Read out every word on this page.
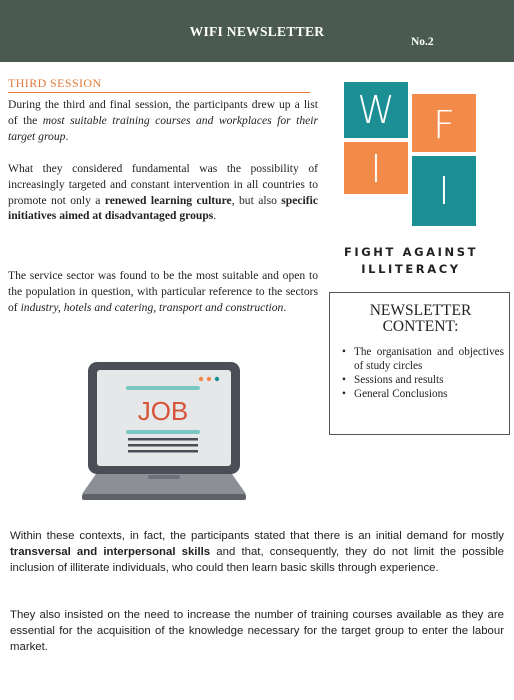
WIFI NEWSLETTER
No.2
THIRD SESSION

During the third and final session, the participants drew up a list of the most suitable training courses and workplaces for their target group.

What they considered fundamental was the possibility of increasingly targeted and constant intervention in all countries to promote not only a renewed learning culture, but also specific initiatives aimed at disadvantaged groups.

The service sector was found to be the most suitable and open to the population in question, with particular reference to the sectors of industry, hotels and catering, transport and construction.

W F
I I
FIGHT AGAINST
ILLITERACY
NEWSLETTER
CONTENT:
• The organisation and objectives of study circles
• Sessions and results
• General Conclusions
JOB

Within these contexts, in fact, the participants stated that there is an initial demand for mostly transversal and interpersonal skills and that, consequently, they do not limit the possible inclusion of illiterate individuals, who could then learn basic skills through experience.

They also insisted on the need to increase the number of training courses available as they are essential for the acquisition of the knowledge necessary for the target group to enter the labour market.
